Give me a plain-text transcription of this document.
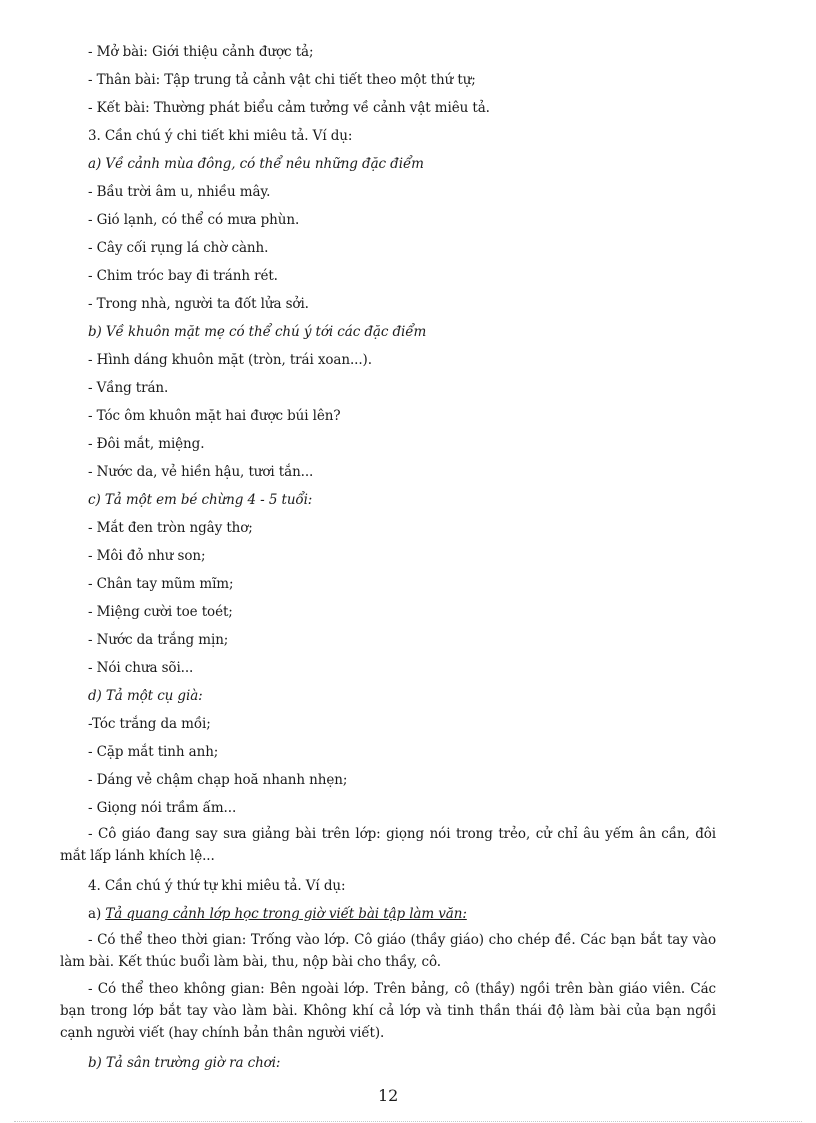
- Mở bài: Giới thiệu cảnh được tả;
- Thân bài: Tập trung tả cảnh vật chi tiết theo một thứ tự;
- Kết bài: Thường phát biểu cảm tưởng về cảnh vật miêu tả.
3. Cần chú ý chi tiết khi miêu tả. Ví dụ:
a) Về cảnh mùa đông, có thể nêu những đặc điểm
- Bầu trời âm u, nhiều mây.
- Gió lạnh, có thể có mưa phùn.
- Cây cối rụng lá chờ cành.
- Chim tróc bay đi tránh rét.
- Trong nhà, người ta đốt lửa sởi.
b) Về khuôn mặt mẹ có thể chú ý tới các đặc điểm
- Hình dáng khuôn mặt (tròn, trái xoan...).
- Vầng trán.
- Tóc ôm khuôn mặt hai được búi lên?
- Đôi mắt, miệng.
- Nước da, vẻ hiền hậu, tươi tắn...
c) Tả một em bé chừng 4 - 5 tuổi:
- Mắt đen tròn ngây thơ;
- Môi đỏ như son;
- Chân tay mũm mĩm;
- Miệng cười toe toét;
- Nước da trắng mịn;
- Nói chưa sõi...
d) Tả một cụ già:
-Tóc trắng da mồi;
- Cặp mắt tinh anh;
- Dáng vẻ chậm chạp hoă nhanh nhẹn;
- Giọng nói trầm ấm...

- Cô giáo đang say sưa giảng bài trên lớp: giọng nói trong trẻo, cử chỉ âu yếm ân cần, đôi mắt lấp lánh khích lệ...

4. Cần chú ý thứ tự khi miêu tả. Ví dụ:
a) Tả quang cảnh lớp học trong giờ viết bài tập làm văn:

- Có thể theo thời gian: Trống vào lớp. Cô giáo (thầy giáo) cho chép đề. Các bạn bắt tay vào làm bài. Kết thúc buổi làm bài, thu, nộp bài cho thầy, cô.

- Có thể theo không gian: Bên ngoài lớp. Trên bảng, cô (thầy) ngồi trên bàn giáo viên. Các bạn trong lớp bắt tay vào làm bài. Không khí cả lớp và tinh thần thái độ làm bài của bạn ngồi cạnh người viết (hay chính bản thân người viết).

b) Tả sân trường giờ ra chơi:
12
